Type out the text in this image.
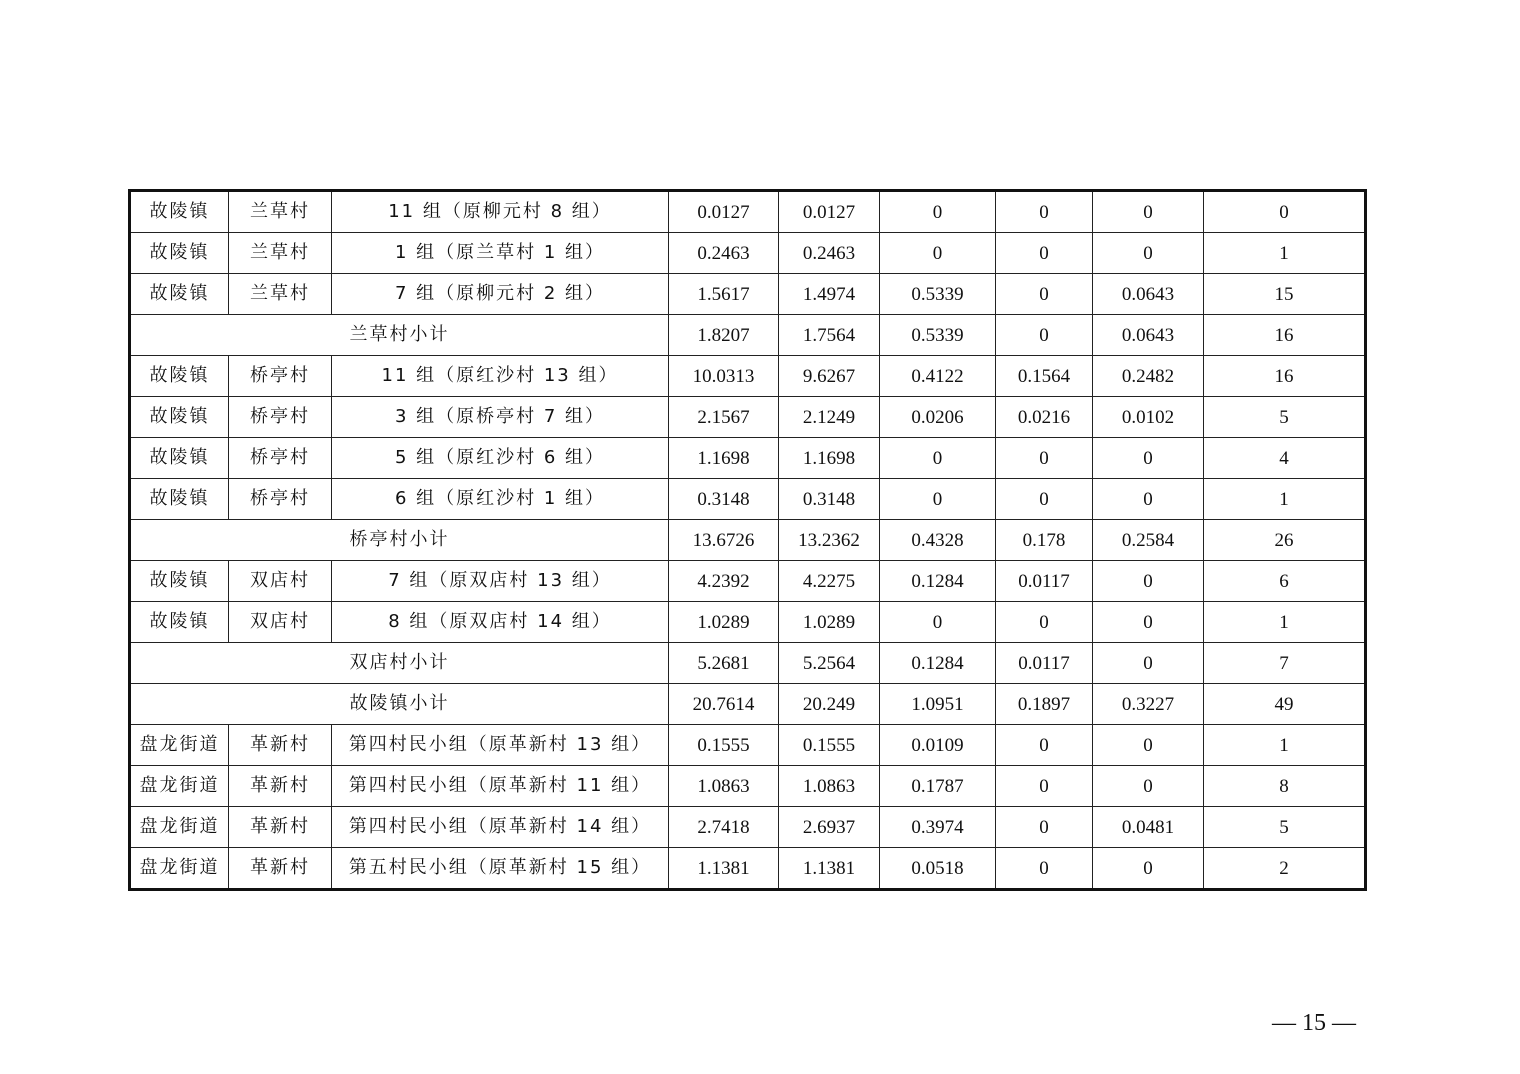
故陵镇	兰草村	11 组（原柳元村 8 组）	0.0127	0.0127	0	0	0	0
故陵镇	兰草村	1 组（原兰草村 1 组）	0.2463	0.2463	0	0	0	1
故陵镇	兰草村	7 组（原柳元村 2 组）	1.5617	1.4974	0.5339	0	0.0643	15
兰草村小计			1.8207	1.7564	0.5339	0	0.0643	16
故陵镇	桥亭村	11 组（原红沙村 13 组）	10.0313	9.6267	0.4122	0.1564	0.2482	16
故陵镇	桥亭村	3 组（原桥亭村 7 组）	2.1567	2.1249	0.0206	0.0216	0.0102	5
故陵镇	桥亭村	5 组（原红沙村 6 组）	1.1698	1.1698	0	0	0	4
故陵镇	桥亭村	6 组（原红沙村 1 组）	0.3148	0.3148	0	0	0	1
桥亭村小计			13.6726	13.2362	0.4328	0.178	0.2584	26
故陵镇	双店村	7 组（原双店村 13 组）	4.2392	4.2275	0.1284	0.0117	0	6
故陵镇	双店村	8 组（原双店村 14 组）	1.0289	1.0289	0	0	0	1
双店村小计			5.2681	5.2564	0.1284	0.0117	0	7
故陵镇小计			20.7614	20.249	1.0951	0.1897	0.3227	49
盘龙街道	革新村	第四村民小组（原革新村 13 组）	0.1555	0.1555	0.0109	0	0	1
盘龙街道	革新村	第四村民小组（原革新村 11 组）	1.0863	1.0863	0.1787	0	0	8
盘龙街道	革新村	第四村民小组（原革新村 14 组）	2.7418	2.6937	0.3974	0	0.0481	5
盘龙街道	革新村	第五村民小组（原革新村 15 组）	1.1381	1.1381	0.0518	0	0	2
— 15 —
